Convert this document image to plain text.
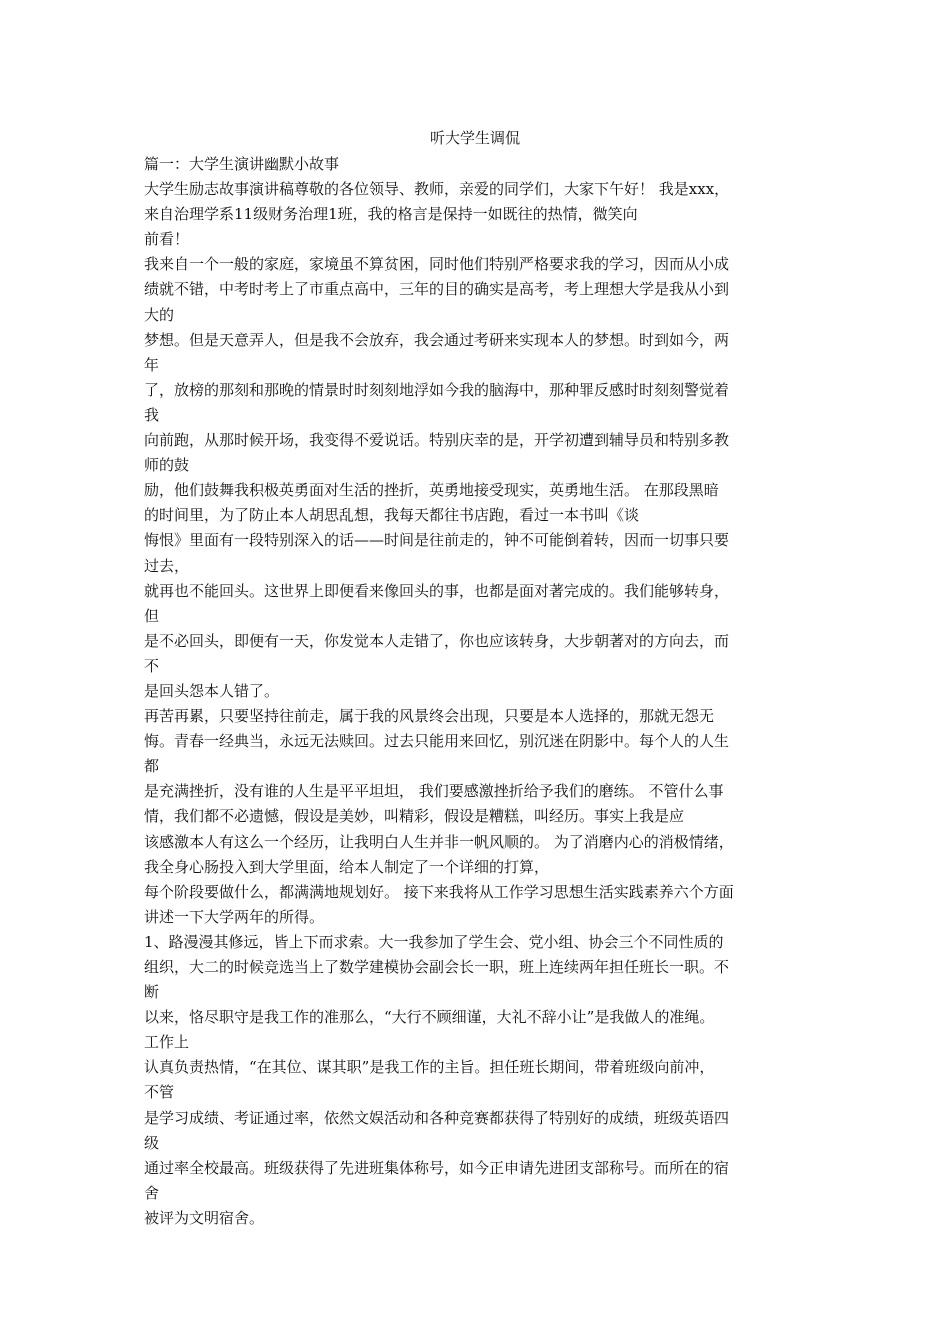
听大学生调侃
篇一：大学生演讲幽默小故事
大学生励志故事演讲稿尊敬的各位领导、教师，亲爱的同学们，大家下午好！ 我是xxx，
来自治理学系11级财务治理1班，我的格言是保持一如既往的热情，微笑向
前看！
我来自一个一般的家庭，家境虽不算贫困，同时他们特别严格要求我的学习，因而从小成
绩就不错，中考时考上了市重点高中，三年的目的确实是高考，考上理想大学是我从小到
大的
梦想。但是天意弄人，但是我不会放弃，我会通过考研来实现本人的梦想。时到如今，两
年
了，放榜的那刻和那晚的情景时时刻刻地浮如今我的脑海中，那种罪反感时时刻刻警觉着
我
向前跑，从那时候开场，我变得不爱说话。特别庆幸的是，开学初遭到辅导员和特别多教
师的鼓
励，他们鼓舞我积极英勇面对生活的挫折，英勇地接受现实，英勇地生活。 在那段黑暗
的时间里，为了防止本人胡思乱想，我每天都往书店跑，看过一本书叫《谈
悔恨》里面有一段特别深入的话——时间是往前走的，钟不可能倒着转，因而一切事只要
过去，
就再也不能回头。这世界上即便看来像回头的事，也都是面对著完成的。我们能够转身，
但
是不必回头，即便有一天，你发觉本人走错了，你也应该转身，大步朝著对的方向去，而
不
是回头怨本人错了。
再苦再累，只要坚持往前走，属于我的风景终会出现，只要是本人选择的，那就无怨无
悔。青春一经典当，永远无法赎回。过去只能用来回忆，别沉迷在阴影中。每个人的人生
都
是充满挫折，没有谁的人生是平平坦坦， 我们要感激挫折给予我们的磨练。 不管什么事
情，我们都不必遗憾，假设是美妙，叫精彩，假设是糟糕，叫经历。事实上我是应
该感激本人有这么一个经历，让我明白人生并非一帆风顺的。 为了消磨内心的消极情绪，
我全身心肠投入到大学里面，给本人制定了一个详细的打算，
每个阶段要做什么，都满满地规划好。 接下来我将从工作学习思想生活实践素养六个方面
讲述一下大学两年的所得。
1、路漫漫其修远，皆上下而求索。大一我参加了学生会、党小组、协会三个不同性质的
组织，大二的时候竞选当上了数学建模协会副会长一职，班上连续两年担任班长一职。不
断
以来，恪尽职守是我工作的准那么，“大行不顾细谨，大礼不辞小让”是我做人的准绳。
工作上
认真负责热情，“在其位、谋其职”是我工作的主旨。担任班长期间，带着班级向前冲，
不管
是学习成绩、考证通过率，依然文娱活动和各种竞赛都获得了特别好的成绩，班级英语四
级
通过率全校最高。班级获得了先进班集体称号，如今正申请先进团支部称号。而所在的宿
舍
被评为文明宿舍。
